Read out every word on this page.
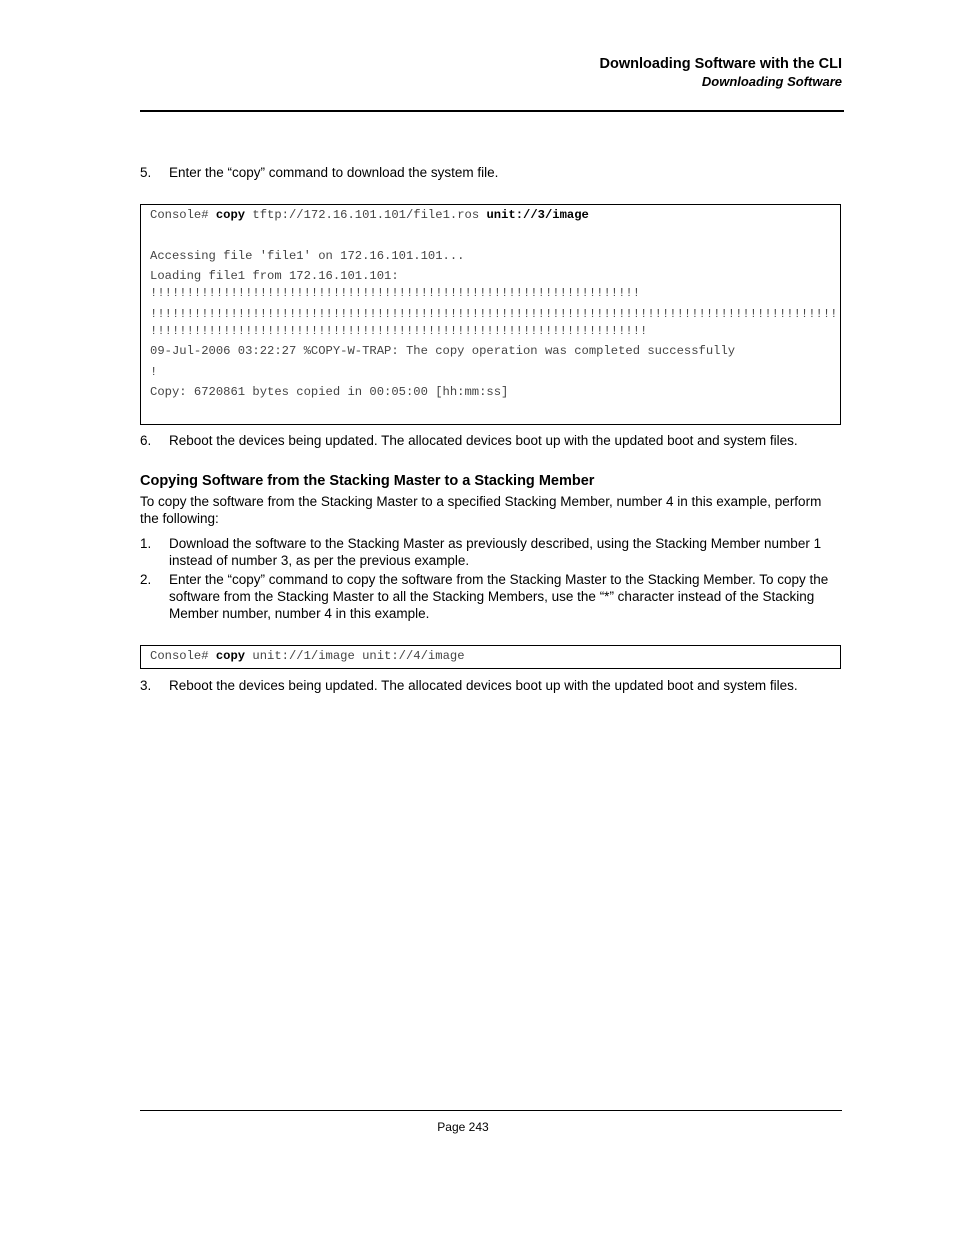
Downloading Software with the CLI
Downloading Software
5. Enter the “copy” command to download the system file.
Console# copy tftp://172.16.101.101/file1.ros unit://3/image
Accessing file 'file1' on 172.16.101.101...
Loading file1 from 172.16.101.101:
!!!!!!!!!!!!!!!!!!!!!!!!!!!!!!!!!!!!!!!!!!!!!!!!!!!!!!!!!!!!!!!!!!!
!!!!!!!!!!!!!!!!!!!!!!!!!!!!!!!!!!!!!!!!!!!!!!!!!!!!!!!!!!!!!!!!!!!!!!!!!!!!!!!!!!!!!!!!!!!!!!
!!!!!!!!!!!!!!!!!!!!!!!!!!!!!!!!!!!!!!!!!!!!!!!!!!!!!!!!!!!!!!!!!!!!
09-Jul-2006 03:22:27 %COPY-W-TRAP: The copy operation was completed successfully
!
Copy: 6720861 bytes copied in 00:05:00 [hh:mm:ss]
6. Reboot the devices being updated. The allocated devices boot up with the updated boot and system files.
Copying Software from the Stacking Master to a Stacking Member
To copy the software from the Stacking Master to a specified Stacking Member, number 4 in this example, perform the following:
1. Download the software to the Stacking Master as previously described, using the Stacking Member number 1 instead of number 3, as per the previous example.
2. Enter the “copy” command to copy the software from the Stacking Master to the Stacking Member. To copy the software from the Stacking Master to all the Stacking Members, use the “*” character instead of the Stacking Member number, number 4 in this example.
Console# copy unit://1/image unit://4/image
3. Reboot the devices being updated. The allocated devices boot up with the updated boot and system files.
Page 243
